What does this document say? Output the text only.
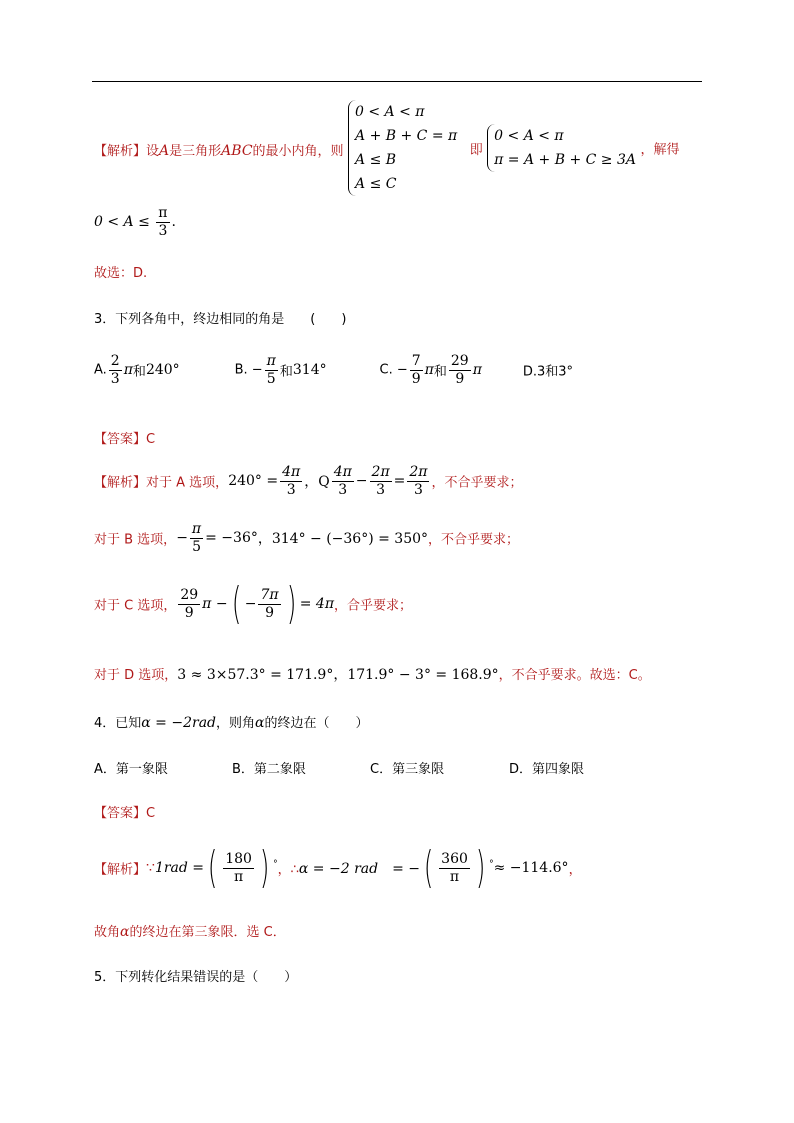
【解析】设A是三角形ABC的最小内角，则
0 < A < π
A + B + C = π
A ≤ B
A ≤ C
即
0 < A < π
π = A + B + C ≥ 3A
，解得
$0 < A \le \frac{\pi}{3}$ .
故选：D.
3．下列各角中，终边相同的角是　　(　　)
A. $\frac{2}{3}$ π和240°	B. − $\frac{\pi}{5}$ 和314°	C. − $\frac{7}{9}$ π和 $\frac{29}{9}$ π	D.3和3°
【答案】C
【解析】对于 A 选项，$240^\circ = \frac{4\pi}{3}$ ，Q $\frac{4\pi}{3} - \frac{2\pi}{3} = \frac{2\pi}{3}$ ，不合乎要求；
对于 B 选项，− $\frac{\pi}{5} = -36^\circ$，314° − (−36°) = 350°，不合乎要求；
对于 C 选项， $\frac{29}{9}$ π −( − $\frac{7\pi}{9}$ ) = 4π，合乎要求；
对于 D 选项，3 ≈ 3×57.3° = 171.9°，171.9° − 3° = 168.9°，不合乎要求。故选：C。
4．已知α = −2rad，则角α的终边在（　　）
A．第一象限	B．第二象限	C．第三象限	D．第四象限
【答案】C
【解析】∵1rad =( $\frac{180}{\pi}$ ) °，∴α = −2 rad　= −( $\frac{360}{\pi}$ ) °≈ −114.6°，
故角α的终边在第三象限．选 C．
5．下列转化结果错误的是（　　）
